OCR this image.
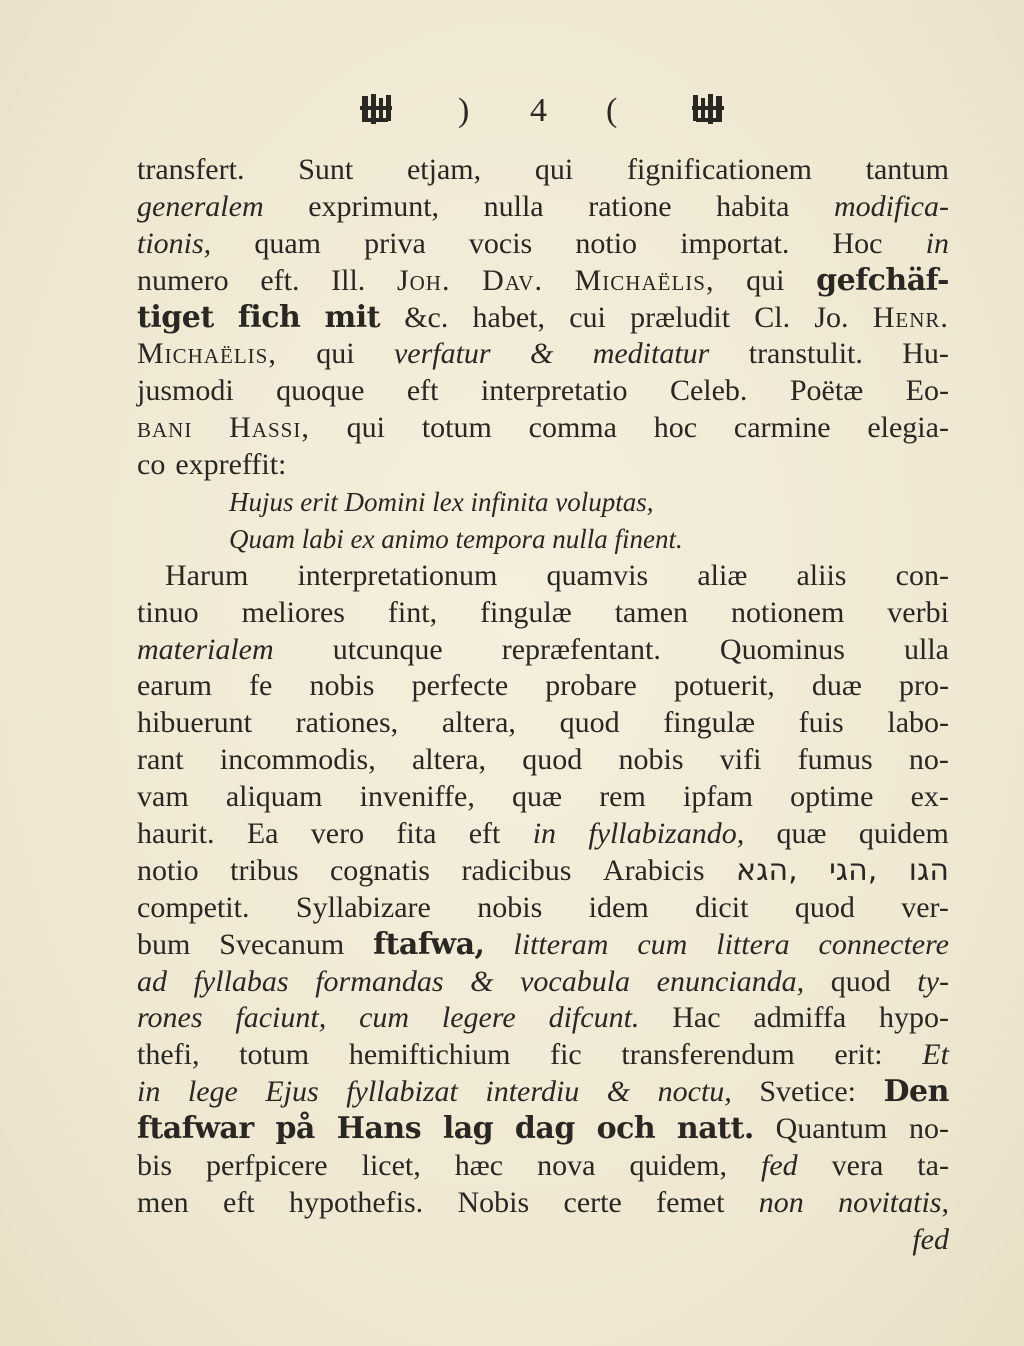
) 4 (
transfert. Sunt etjam, qui fignificationem tantum
generalem exprimunt, nulla ratione habita modifica-
tionis, quam priva vocis notio importat. Hoc in
numero eft. Ill. Joh. Dav. Michaëlis, qui gefchäf-
tiget fich mit &c. habet, cui præludit Cl. Jo. Henr.
Michaëlis, qui verfatur & meditatur transtulit. Hu-
jusmodi quoque eft interpretatio Celeb. Poëtæ Eo-
bani Hassi, qui totum comma hoc carmine elegia-
co expreffit:
Hujus erit Domini lex infinita voluptas,
Quam labi ex animo tempora nulla finent.
Harum interpretationum quamvis aliæ aliis con-
tinuo meliores fint, fingulæ tamen notionem verbi
materialem utcunque repræfentant. Quominus ulla
earum fe nobis perfecte probare potuerit, duæ pro-
hibuerunt rationes, altera, quod fingulæ fuis labo-
rant incommodis, altera, quod nobis vifi fumus no-
vam aliquam inveniffe, quæ rem ipfam optime ex-
haurit. Ea vero fita eft in fyllabizando, quæ quidem
notio tribus cognatis radicibus Arabicis הגא, הגי, הגו
competit. Syllabizare nobis idem dicit quod ver-
bum Svecanum ftafwa, litteram cum littera connectere
ad fyllabas formandas & vocabula enuncianda, quod ty-
rones faciunt, cum legere difcunt. Hac admiffa hypo-
thefi, totum hemiftichium fic transferendum erit: Et
in lege Ejus fyllabizat interdiu & noctu, Svetice: Den
ftafwar på Hans lag dag och natt. Quantum no-
bis perfpicere licet, hæc nova quidem, fed vera ta-
men eft hypothefis. Nobis certe femet non novitatis,
fed
